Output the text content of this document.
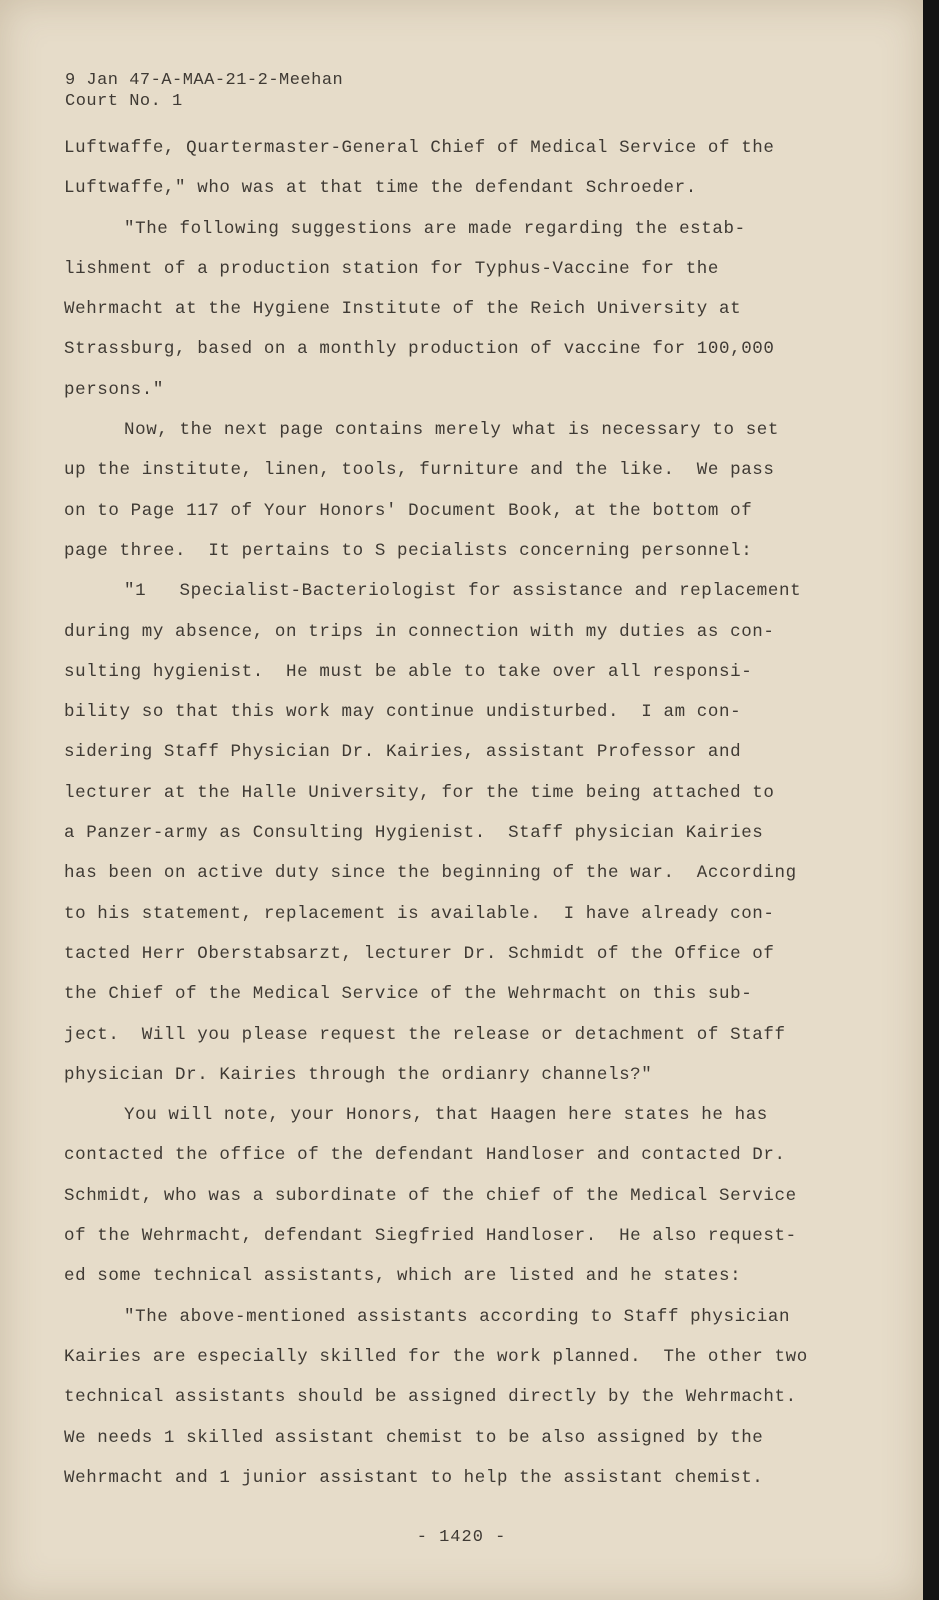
9 Jan 47-A-MAA-21-2-Meehan
Court No. 1

Luftwaffe, Quartermaster-General Chief of Medical Service of the

Luftwaffe," who was at that time the defendant Schroeder.

"The following suggestions are made regarding the estab-

lishment of a production station for Typhus-Vaccine for the

Wehrmacht at the Hygiene Institute of the Reich University at

Strassburg, based on a monthly production of vaccine for 100,000

persons."

Now, the next page contains merely what is necessary to set

up the institute, linen, tools, furniture and the like.  We pass

on to Page 117 of Your Honors' Document Book, at the bottom of

page three.  It pertains to S pecialists concerning personnel:

"1   Specialist-Bacteriologist for assistance and replacement

during my absence, on trips in connection with my duties as con-

sulting hygienist.  He must be able to take over all responsi-

bility so that this work may continue undisturbed.  I am con-

sidering Staff Physician Dr. Kairies, assistant Professor and

lecturer at the Halle University, for the time being attached to

a Panzer-army as Consulting Hygienist.  Staff physician Kairies

has been on active duty since the beginning of the war.  According

to his statement, replacement is available.  I have already con-

tacted Herr Oberstabsarzt, lecturer Dr. Schmidt of the Office of

the Chief of the Medical Service of the Wehrmacht on this sub-

ject.  Will you please request the release or detachment of Staff

physician Dr. Kairies through the ordianry channels?"

You will note, your Honors, that Haagen here states he has

contacted the office of the defendant Handloser and contacted Dr.

Schmidt, who was a subordinate of the chief of the Medical Service

of the Wehrmacht, defendant Siegfried Handloser.  He also request-

ed some technical assistants, which are listed and he states:

"The above-mentioned assistants according to Staff physician

Kairies are especially skilled for the work planned.  The other two

technical assistants should be assigned directly by the Wehrmacht.

We needs 1 skilled assistant chemist to be also assigned by the

Wehrmacht and 1 junior assistant to help the assistant chemist.

- 1420 -
